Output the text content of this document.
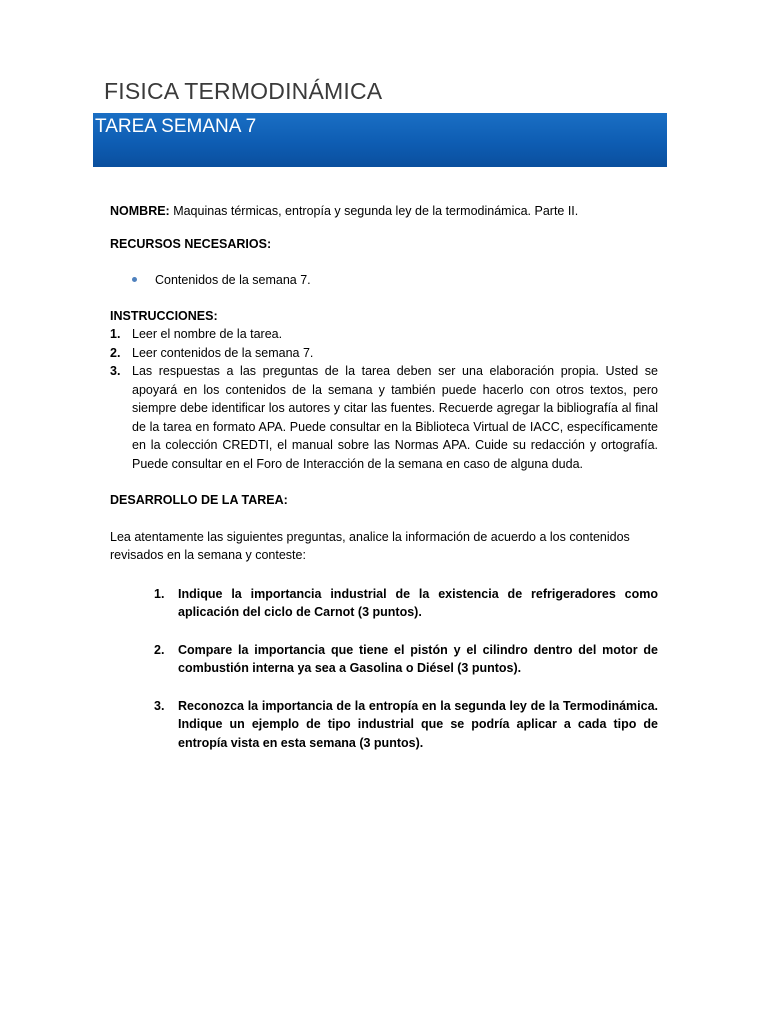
FISICA TERMODINÁMICA
TAREA SEMANA 7

NOMBRE: Maquinas térmicas, entropía y segunda ley de la termodinámica. Parte II.

RECURSOS NECESARIOS:

Contenidos de la semana 7.

INSTRUCCIONES:

1. Leer el nombre de la tarea.
2. Leer contenidos de la semana 7.
3. Las respuestas a las preguntas de la tarea deben ser una elaboración propia. Usted se apoyará en los contenidos de la semana y también puede hacerlo con otros textos, pero siempre debe identificar los autores y citar las fuentes. Recuerde agregar la bibliografía al final de la tarea en formato APA. Puede consultar en la Biblioteca Virtual de IACC, específicamente en la colección CREDTI, el manual sobre las Normas APA. Cuide su redacción y ortografía. Puede consultar en el Foro de Interacción de la semana en caso de alguna duda.

DESARROLLO DE LA TAREA:

Lea atentamente las siguientes preguntas, analice la información de acuerdo a los contenidos revisados en la semana y conteste:

1. Indique la importancia industrial de la existencia de refrigeradores como aplicación del ciclo de Carnot (3 puntos).
2. Compare la importancia que tiene el pistón y el cilindro dentro del motor de combustión interna ya sea a Gasolina o Diésel (3 puntos).
3. Reconozca la importancia de la entropía en la segunda ley de la Termodinámica. Indique un ejemplo de tipo industrial que se podría aplicar a cada tipo de entropía vista en esta semana (3 puntos).
